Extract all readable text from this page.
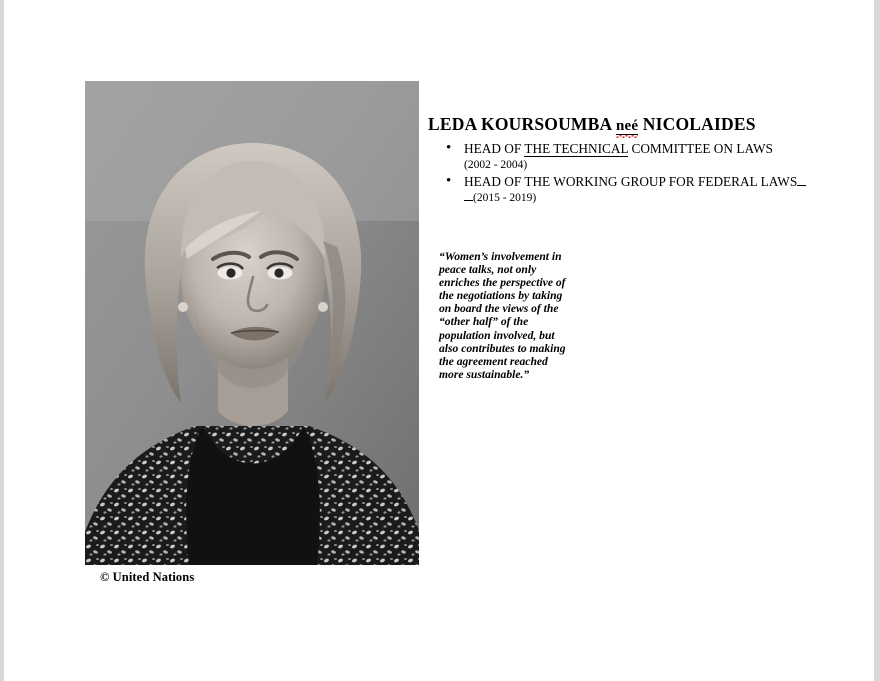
© United Nations
LEDA KOURSOUMBA neé NICOLAIDES
• HEAD OF THE TECHNICAL COMMITTEE ON LAWS
(2002 - 2004)
• HEAD OF THE WORKING GROUP FOR FEDERAL LAWS
(2015 - 2019)
“Women’s involvement in peace talks, not only enriches the perspective of the negotiations by taking on board the views of the “other half” of the population involved, but also contributes to making the agreement reached more sustainable.”
